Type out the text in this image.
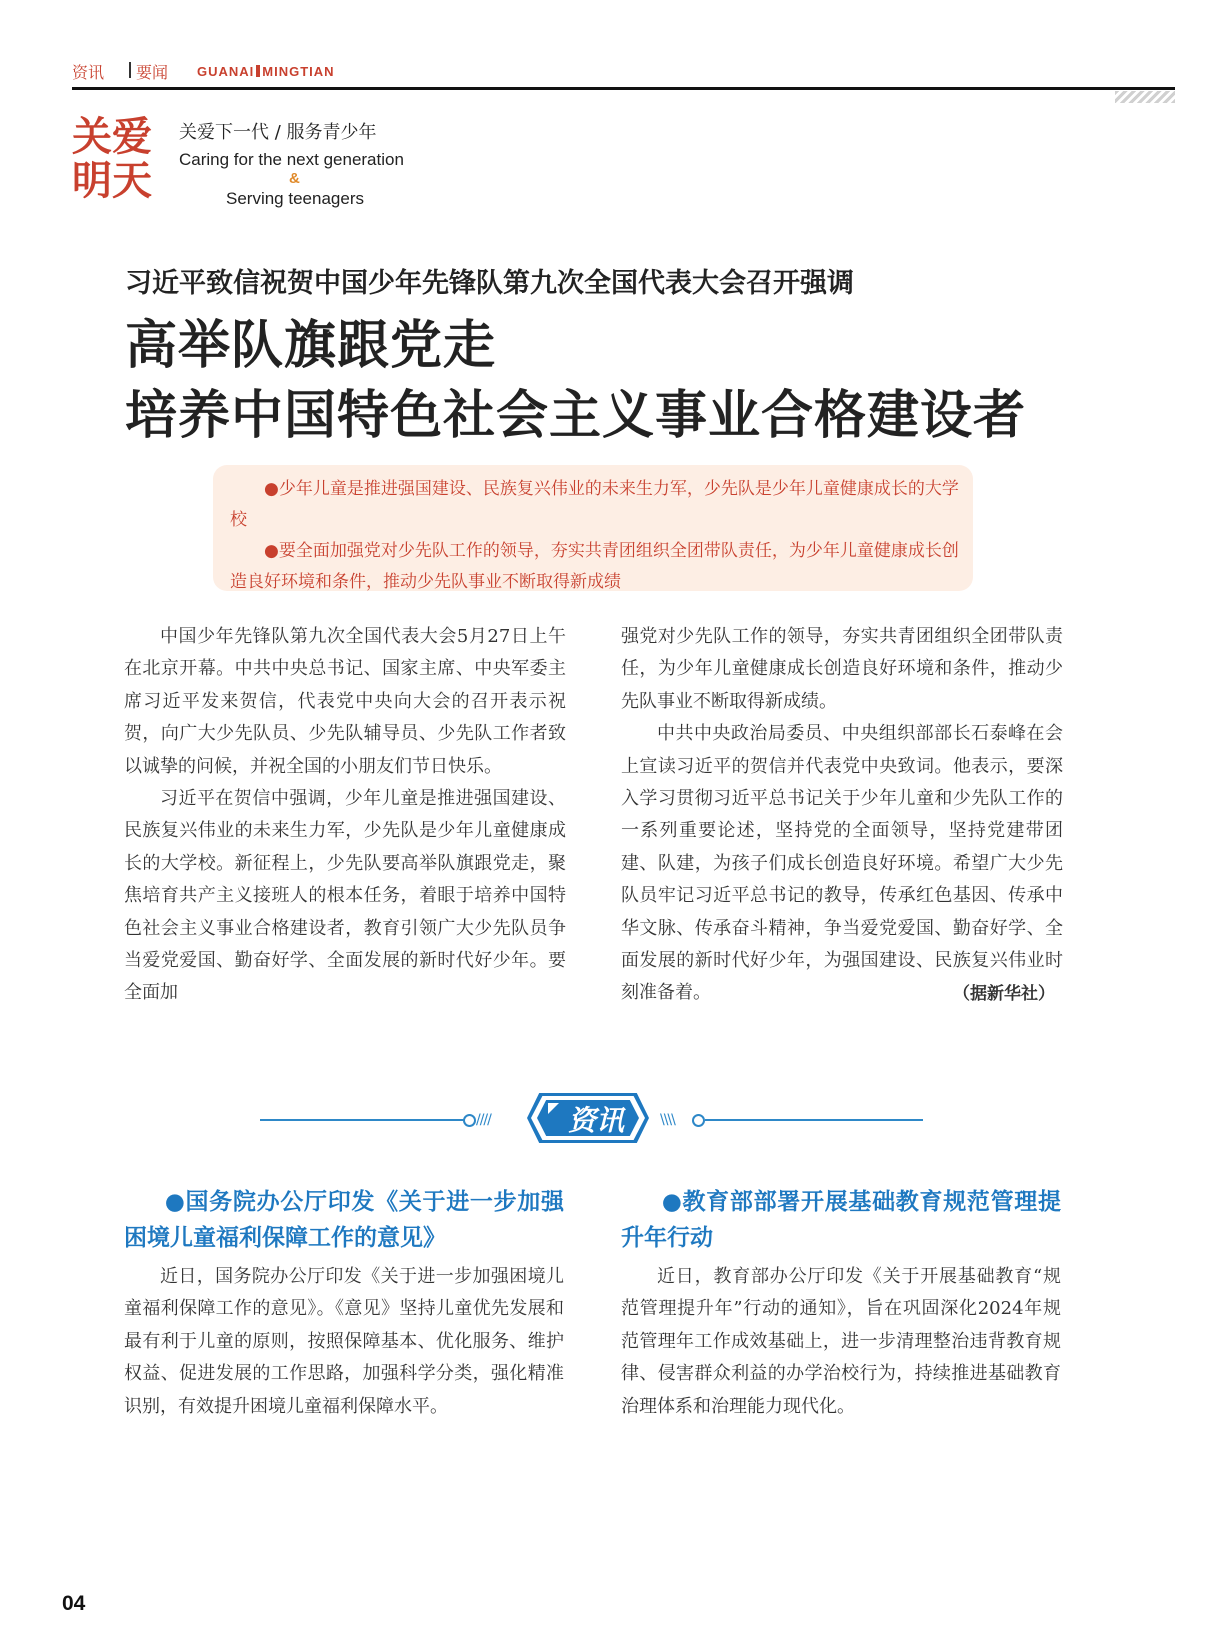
资讯 要闻 GUANAI MINGTIAN
关爱
明天
关爱下一代 / 服务青少年
Caring for the next generation
&
Serving teenagers
习近平致信祝贺中国少年先锋队第九次全国代表大会召开强调
高举队旗跟党走
培养中国特色社会主义事业合格建设者

●少年儿童是推进强国建设、民族复兴伟业的未来生力军，少先队是少年儿童健康成长的大学校

●要全面加强党对少先队工作的领导，夯实共青团组织全团带队责任，为少年儿童健康成长创造良好环境和条件，推动少先队事业不断取得新成绩

中国少年先锋队第九次全国代表大会5月27日上午在北京开幕。中共中央总书记、国家主席、中央军委主席习近平发来贺信，代表党中央向大会的召开表示祝贺，向广大少先队员、少先队辅导员、少先队工作者致以诚挚的问候，并祝全国的小朋友们节日快乐。

习近平在贺信中强调，少年儿童是推进强国建设、民族复兴伟业的未来生力军，少先队是少年儿童健康成长的大学校。新征程上，少先队要高举队旗跟党走，聚焦培育共产主义接班人的根本任务，着眼于培养中国特色社会主义事业合格建设者，教育引领广大少先队员争当爱党爱国、勤奋好学、全面发展的新时代好少年。要全面加

强党对少先队工作的领导，夯实共青团组织全团带队责任，为少年儿童健康成长创造良好环境和条件，推动少先队事业不断取得新成绩。

中共中央政治局委员、中央组织部部长石泰峰在会上宣读习近平的贺信并代表党中央致词。他表示，要深入学习贯彻习近平总书记关于少年儿童和少先队工作的一系列重要论述，坚持党的全面领导，坚持党建带团建、队建，为孩子们成长创造良好环境。希望广大少先队员牢记习近平总书记的教导，传承红色基因、传承中华文脉、传承奋斗精神，争当爱党爱国、勤奋好学、全面发展的新时代好少年，为强国建设、民族复兴伟业时刻准备着。	（据新华社）
////	\\\\
资讯
●国务院办公厅印发《关于进一步加强困境儿童福利保障工作的意见》

近日，国务院办公厅印发《关于进一步加强困境儿童福利保障工作的意见》。《意见》坚持儿童优先发展和最有利于儿童的原则，按照保障基本、优化服务、维护权益、促进发展的工作思路，加强科学分类，强化精准识别，有效提升困境儿童福利保障水平。

●教育部部署开展基础教育规范管理提升年行动

近日，教育部办公厅印发《关于开展基础教育“规范管理提升年”行动的通知》，旨在巩固深化2024年规范管理年工作成效基础上，进一步清理整治违背教育规律、侵害群众利益的办学治校行为，持续推进基础教育治理体系和治理能力现代化。

04
